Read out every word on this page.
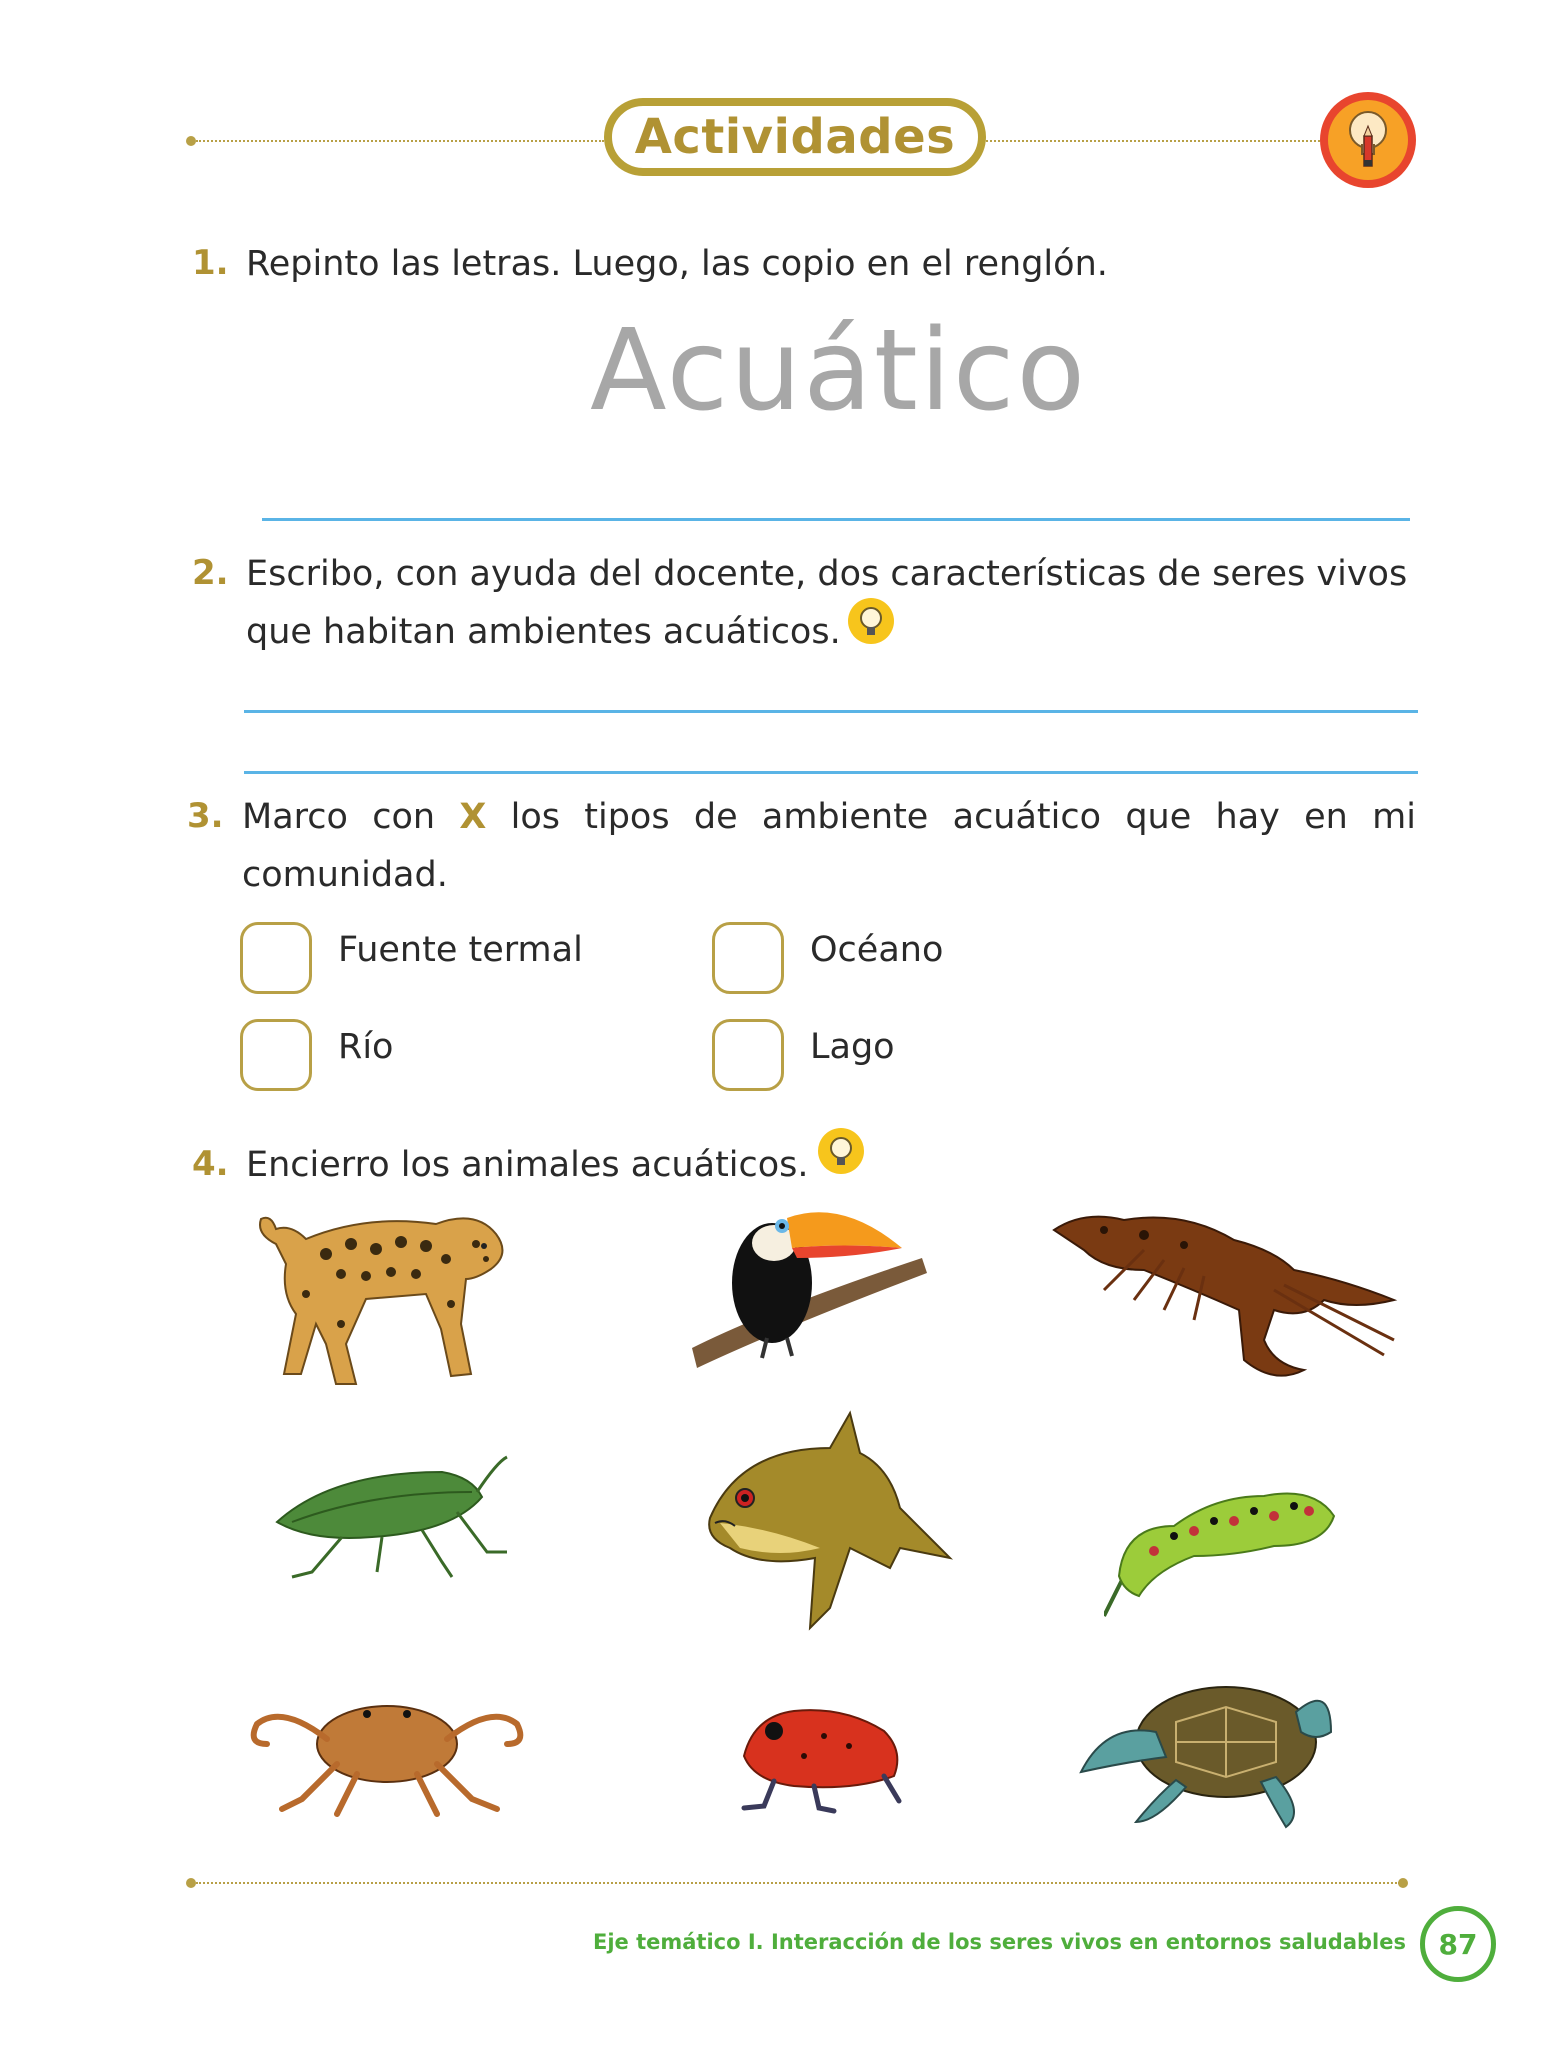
Actividades
1. Repinto las letras. Luego, las copio en el renglón.
Acuático
2. Escribo, con ayuda del docente, dos características de seres vivos
que habitan ambientes acuáticos.
3. Marco con X los tipos de ambiente acuático que hay en mi
comunidad.
Fuente termal	Océano
Río	Lago
4. Encierro los animales acuáticos.
Eje temático I. Interacción de los seres vivos en entornos saludables 87
